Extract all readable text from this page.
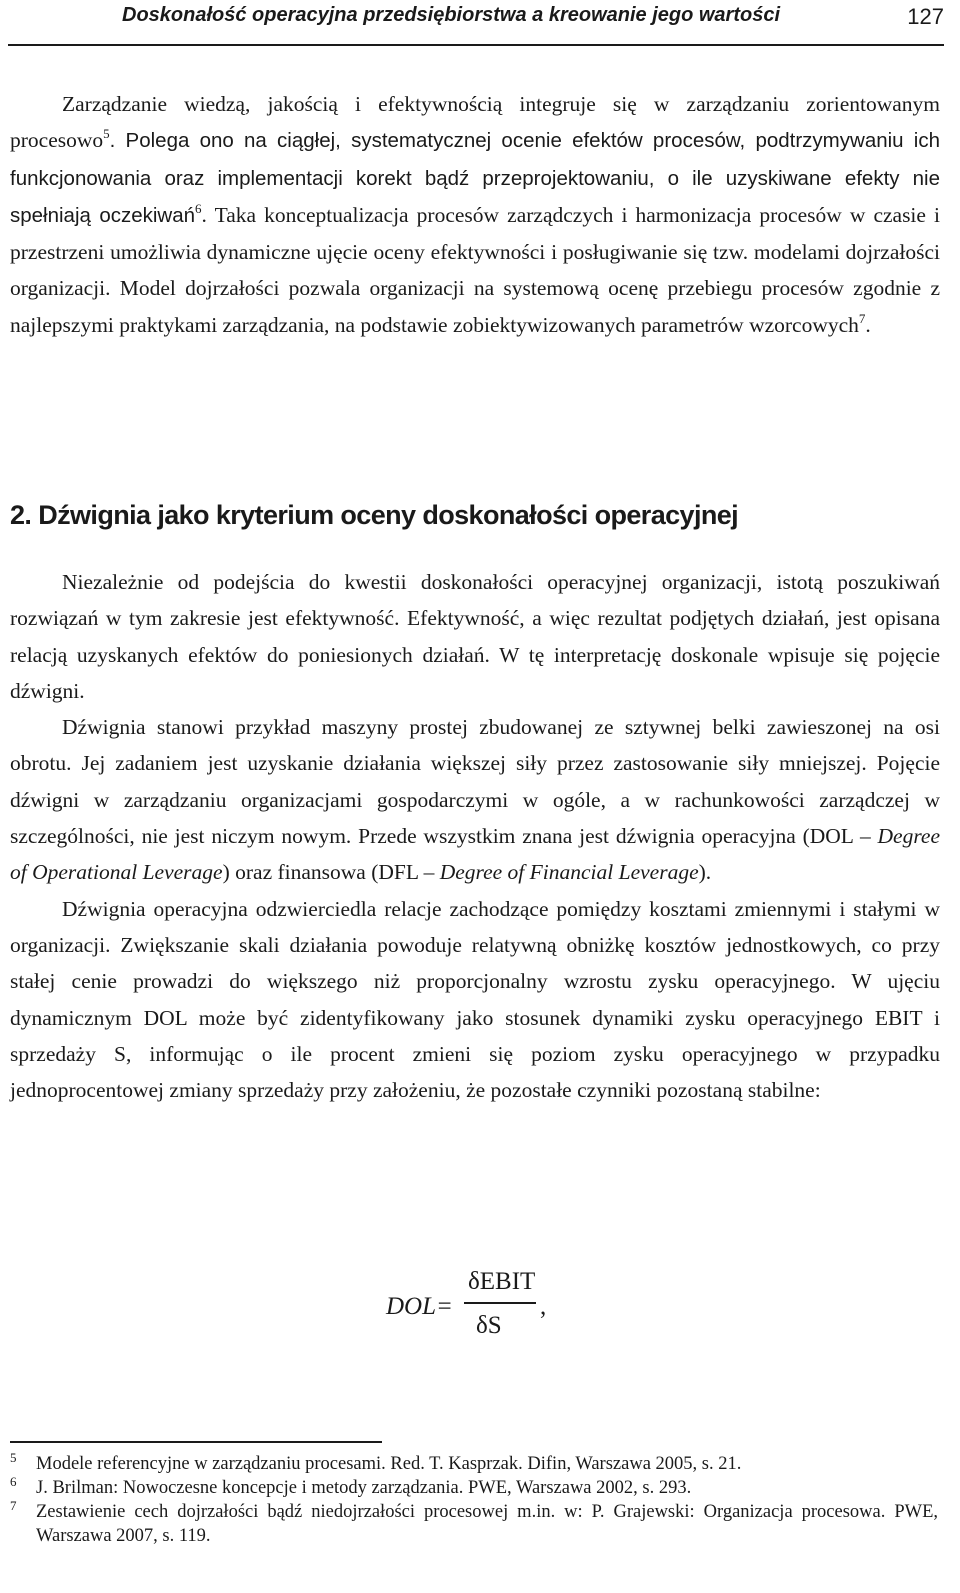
Doskonałość operacyjna przedsiębiorstwa a kreowanie jego wartości	127

Zarządzanie wiedzą, jakością i efektywnością integruje się w zarządzaniu zorientowanym procesowo$^5$. Polega ono na ciągłej, systematycznej ocenie efektów procesów, podtrzymywaniu ich funkcjonowania oraz implementacji korekt bądź przeprojektowaniu, o ile uzyskiwane efekty nie spełniają oczekiwań$^6$. Taka konceptualizacja procesów zarządczych i harmonizacja procesów w czasie i przestrzeni umożliwia dynamiczne ujęcie oceny efektywności i posługiwanie się tzw. modelami dojrzałości organizacji. Model dojrzałości pozwala organizacji na systemową ocenę przebiegu procesów zgodnie z najlepszymi praktykami zarządzania, na podstawie zobiektywizowanych parametrów wzorcowych$^7$.

2. Dźwignia jako kryterium oceny doskonałości operacyjnej

Niezależnie od podejścia do kwestii doskonałości operacyjnej organizacji, istotą poszukiwań rozwiązań w tym zakresie jest efektywność. Efektywność, a więc rezultat podjętych działań, jest opisana relacją uzyskanych efektów do poniesionych działań. W tę interpretację doskonale wpisuje się pojęcie dźwigni.

Dźwignia stanowi przykład maszyny prostej zbudowanej ze sztywnej belki zawieszonej na osi obrotu. Jej zadaniem jest uzyskanie działania większej siły przez zastosowanie siły mniejszej. Pojęcie dźwigni w zarządzaniu organizacjami gospodarczymi w ogóle, a w rachunkowości zarządczej w szczególności, nie jest niczym nowym. Przede wszystkim znana jest dźwignia operacyjna (DOL – Degree of Operational Leverage) oraz finansowa (DFL – Degree of Financial Leverage).

Dźwignia operacyjna odzwierciedla relacje zachodzące pomiędzy kosztami zmiennymi i stałymi w organizacji. Zwiększanie skali działania powoduje relatywną obniżkę kosztów jednostkowych, co przy stałej cenie prowadzi do większego niż proporcjonalny wzrostu zysku operacyjnego. W ujęciu dynamicznym DOL może być zidentyfikowany jako stosunek dynamiki zysku operacyjnego EBIT i sprzedaży S, informując o ile procent zmieni się poziom zysku operacyjnego w przypadku jednoprocentowej zmiany sprzedaży przy założeniu, że pozostałe czynniki pozostaną stabilne:

DOL=
δEBIT
δS
,
5 Modele referencyjne w zarządzaniu procesami. Red. T. Kasprzak. Difin, Warszawa 2005, s. 21.
6 J. Brilman: Nowoczesne koncepcje i metody zarządzania. PWE, Warszawa 2002, s. 293.
7 Zestawienie cech dojrzałości bądź niedojrzałości procesowej m.in. w: P. Grajewski: Organizacja procesowa. PWE, Warszawa 2007, s. 119.
